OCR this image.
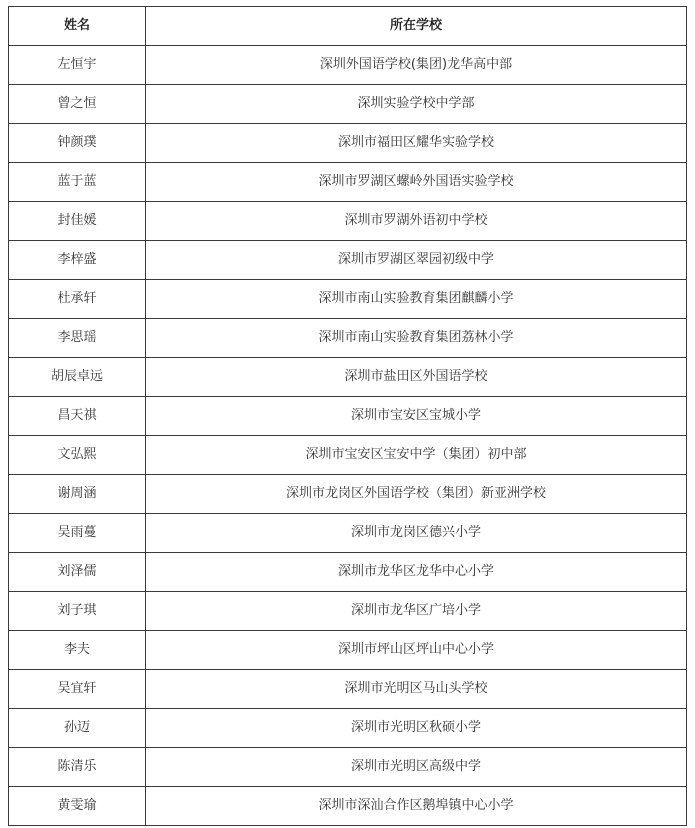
姓名	所在学校
左恒宇	深圳外国语学校(集团)龙华高中部
曾之恒	深圳实验学校中学部
钟颜璞	深圳市福田区耀华实验学校
蓝于蓝	深圳市罗湖区螺岭外国语实验学校
封佳媛	深圳市罗湖外语初中学校
李梓盛	深圳市罗湖区翠园初级中学
杜承轩	深圳市南山实验教育集团麒麟小学
李思瑶	深圳市南山实验教育集团荔林小学
胡辰卓远	深圳市盐田区外国语学校
昌天祺	深圳市宝安区宝城小学
文弘熙	深圳市宝安区宝安中学（集团）初中部
谢周涵	深圳市龙岗区外国语学校（集团）新亚洲学校
吴雨蔓	深圳市龙岗区德兴小学
刘泽儒	深圳市龙华区龙华中心小学
刘子琪	深圳市龙华区广培小学
李夫	深圳市坪山区坪山中心小学
吴宜轩	深圳市光明区马山头学校
孙迈	深圳市光明区秋硕小学
陈清乐	深圳市光明区高级中学
黄雯瑜	深圳市深汕合作区鹅埠镇中心小学
